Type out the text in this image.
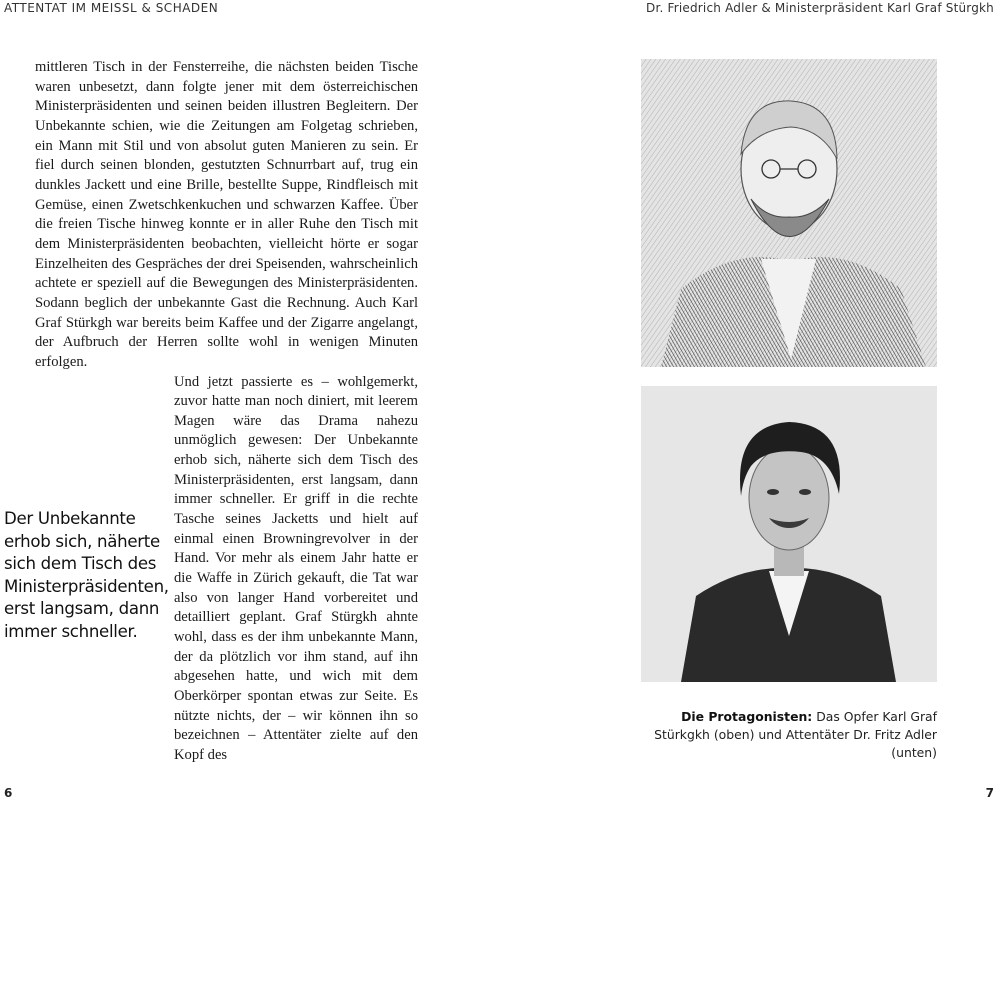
ATTENTAT IM MEISSL & SCHADEN	Dr. Friedrich Adler & Ministerpräsident Karl Graf Stürgkh

mittleren Tisch in der Fensterreihe, die nächsten beiden Tische waren unbesetzt, dann folgte jener mit dem österreichischen Ministerpräsidenten und seinen beiden illustren Begleitern. Der Unbekannte schien, wie die Zeitungen am Folgetag schrieben, ein Mann mit Stil und von absolut guten Manieren zu sein. Er fiel durch seinen blonden, gestutzten Schnurrbart auf, trug ein dunkles Jackett und eine Brille, bestellte Suppe, Rindfleisch mit Gemüse, einen Zwetschkenkuchen und schwarzen Kaffee. Über die freien Tische hinweg konnte er in aller Ruhe den Tisch mit dem Ministerpräsidenten beobachten, vielleicht hörte er sogar Einzelheiten des Gespräches der drei Speisenden, wahrscheinlich achtete er speziell auf die Bewegungen des Ministerpräsidenten. Sodann beglich der unbekannte Gast die Rechnung. Auch Karl Graf Stürkgh war bereits beim Kaffee und der Zigarre angelangt, der Aufbruch der Herren sollte wohl in wenigen Minuten erfolgen.

Und jetzt passierte es – wohlgemerkt, zuvor hatte man noch diniert, mit leerem Magen wäre das Drama nahezu unmöglich gewesen: Der Unbekannte erhob sich, näherte sich dem Tisch des Ministerpräsidenten, erst langsam, dann immer schneller. Er griff in die rechte Tasche seines Jacketts und hielt auf einmal einen Browningrevolver in der Hand. Vor mehr als einem Jahr hatte er die Waffe in Zürich gekauft, die Tat war also von langer Hand vorbereitet und detailliert geplant. Graf Stürgkh ahnte wohl, dass es der ihm unbekannte Mann, der da plötzlich vor ihm stand, auf ihn abgesehen hatte, und wich mit dem Oberkörper spontan etwas zur Seite. Es nützte nichts, der – wir können ihn so bezeichnen – Attentäter zielte auf den Kopf des

Der Unbekannte erhob sich, näherte sich dem Tisch des Ministerpräsidenten, erst langsam, dann immer schneller.
Die Protagonisten: Das Opfer Karl Graf Stürkgkh (oben) und Attentäter Dr. Fritz Adler (unten)
6	7
